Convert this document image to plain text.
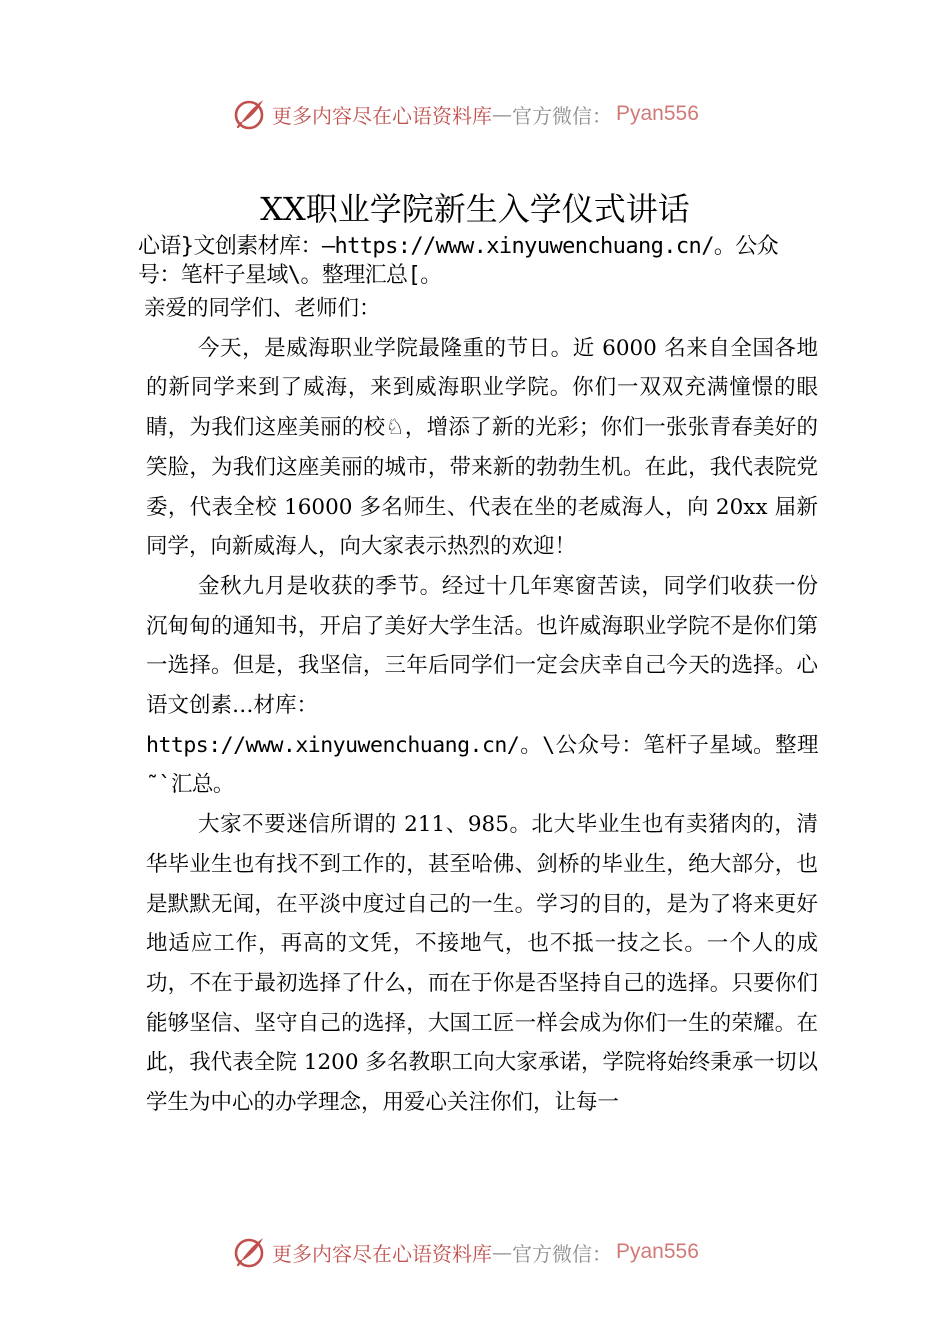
更多内容尽在心语资料库 — 官方微信： Pyan556
XX职业学院新生入学仪式讲话
心语}文创素材库：—https://www.xinyuwenchuang.cn/。公众号：笔杆子星域\。整理汇总[。

亲爱的同学们、老师们：

今天，是威海职业学院最隆重的节日。近 6000 名来自全国各地的新同学来到了威海，来到威海职业学院。你们一双双充满憧憬的眼睛，为我们这座美丽的校♘，增添了新的光彩；你们一张张青春美好的笑脸，为我们这座美丽的城市，带来新的勃勃生机。在此，我代表院党委，代表全校 16000 多名师生、代表在坐的老威海人，向 20xx 届新同学，向新威海人，向大家表示热烈的欢迎！

金秋九月是收获的季节。经过十几年寒窗苦读，同学们收获一份沉甸甸的通知书，开启了美好大学生活。也许威海职业学院不是你们第一选择。但是，我坚信，三年后同学们一定会庆幸自己今天的选择。心语文创素…材库：

https://www.xinyuwenchuang.cn/。\公众号：笔杆子星域。整理˜`汇总。

大家不要迷信所谓的 211、985。北大毕业生也有卖猪肉的，清华毕业生也有找不到工作的，甚至哈佛、剑桥的毕业生，绝大部分，也是默默无闻，在平淡中度过自己的一生。学习的目的，是为了将来更好地适应工作，再高的文凭，不接地气，也不抵一技之长。一个人的成功，不在于最初选择了什么，而在于你是否坚持自己的选择。只要你们能够坚信、坚守自己的选择，大国工匠一样会成为你们一生的荣耀。在此，我代表全院 1200 多名教职工向大家承诺，学院将始终秉承一切以学生为中心的办学理念，用爱心关注你们，让每一

更多内容尽在心语资料库 — 官方微信： Pyan556
